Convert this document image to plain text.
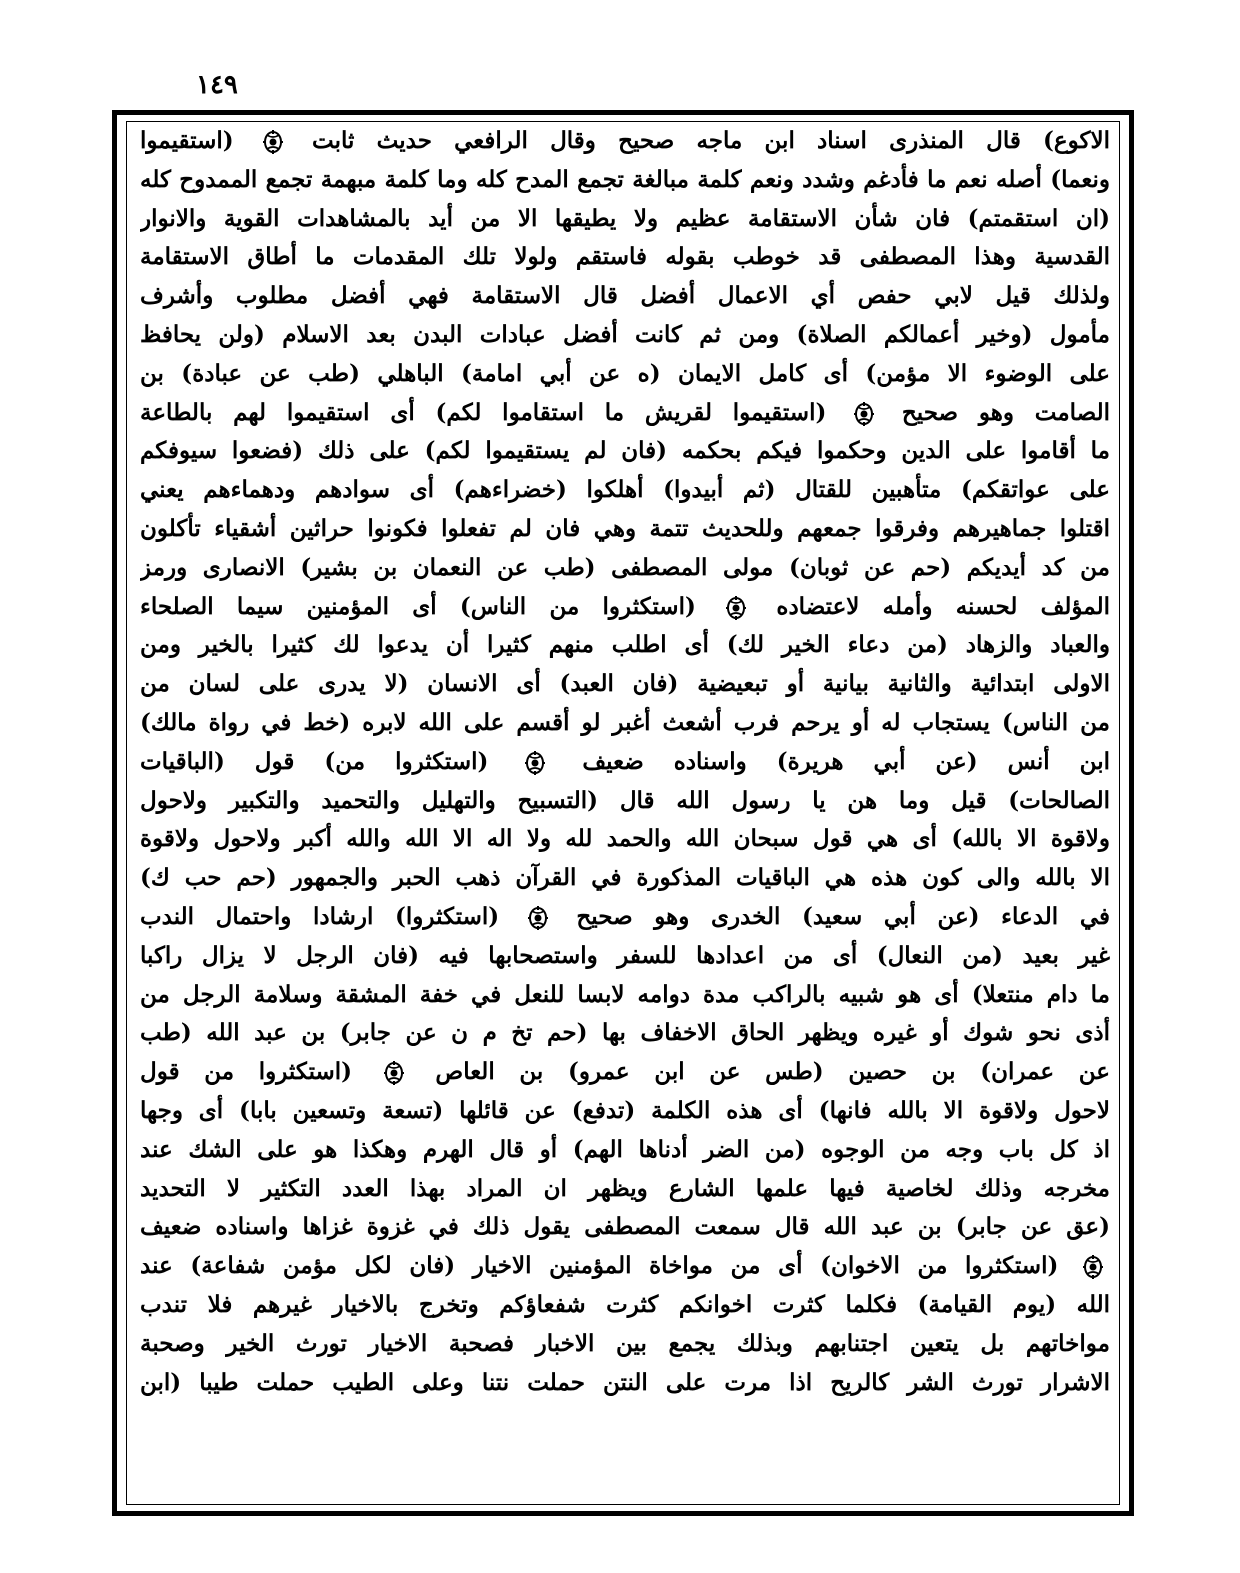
١٤٩
الاكوع) قال المنذرى اسناد ابن ماجه صحيح وقال الرافعي حديث ثابت  (استقيموا
ونعما) أصله نعم ما فأدغم وشدد ونعم كلمة مبالغة تجمع المدح كله وما كلمة مبهمة تجمع الممدوح كله
(ان استقمتم) فان شأن الاستقامة عظيم ولا يطيقها الا من أيد بالمشاهدات القوية والانوار
القدسية وهذا المصطفى قد خوطب بقوله فاستقم ولولا تلك المقدمات ما أطاق الاستقامة
ولذلك قيل لابي حفص أي الاعمال أفضل قال الاستقامة فهي أفضل مطلوب وأشرف
مأمول (وخير أعمالكم الصلاة) ومن ثم كانت أفضل عبادات البدن بعد الاسلام (ولن يحافظ
على الوضوء الا مؤمن) أى كامل الايمان (ه عن أبي امامة) الباهلي (طب عن عبادة) بن
الصامت وهو صحيح  (استقيموا لقريش ما استقاموا لكم) أى استقيموا لهم بالطاعة
ما أقاموا على الدين وحكموا فيكم بحكمه (فان لم يستقيموا لكم) على ذلك (فضعوا سيوفكم
على عواتقكم) متأهبين للقتال (ثم أبيدوا) أهلكوا (خضراءهم) أى سوادهم ودهماءهم يعني
اقتلوا جماهيرهم وفرقوا جمعهم وللحديث تتمة وهي فان لم تفعلوا فكونوا حراثين أشقياء تأكلون
من كد أيديكم (حم عن ثوبان) مولى المصطفى (طب عن النعمان بن بشير) الانصارى ورمز
المؤلف لحسنه وأمله لاعتضاده  (استكثروا من الناس) أى المؤمنين سيما الصلحاء
والعباد والزهاد (من دعاء الخير لك) أى اطلب منهم كثيرا أن يدعوا لك كثيرا بالخير ومن
الاولى ابتدائية والثانية بيانية أو تبعيضية (فان العبد) أى الانسان (لا يدرى على لسان من
من الناس) يستجاب له أو يرحم فرب أشعث أغبر لو أقسم على الله لابره (خط في رواة مالك)
ابن أنس (عن أبي هريرة) واسناده ضعيف  (استكثروا من) قول (الباقيات
الصالحات) قيل وما هن يا رسول الله قال (التسبيح والتهليل والتحميد والتكبير ولاحول
ولاقوة الا بالله) أى هي قول سبحان الله والحمد لله ولا اله الا الله والله أكبر ولاحول ولاقوة
الا بالله والى كون هذه هي الباقيات المذكورة في القرآن ذهب الحبر والجمهور (حم حب ك)
في الدعاء (عن أبي سعيد) الخدرى وهو صحيح  (استكثروا) ارشادا واحتمال الندب
غير بعيد (من النعال) أى من اعدادها للسفر واستصحابها فيه (فان الرجل لا يزال راكبا
ما دام منتعلا) أى هو شبيه بالراكب مدة دوامه لابسا للنعل في خفة المشقة وسلامة الرجل من
أذى نحو شوك أو غيره ويظهر الحاق الاخفاف بها (حم تخ م ن عن جابر) بن عبد الله (طب
عن عمران) بن حصين (طس عن ابن عمرو) بن العاص  (استكثروا من قول
لاحول ولاقوة الا بالله فانها) أى هذه الكلمة (تدفع) عن قائلها (تسعة وتسعين بابا) أى وجها
اذ كل باب وجه من الوجوه (من الضر أدناها الهم) أو قال الهرم وهكذا هو على الشك عند
مخرجه وذلك لخاصية فيها علمها الشارع ويظهر ان المراد بهذا العدد التكثير لا التحديد
(عق عن جابر) بن عبد الله قال سمعت المصطفى يقول ذلك في غزوة غزاها واسناده ضعيف
(استكثروا من الاخوان) أى من مواخاة المؤمنين الاخيار (فان لكل مؤمن شفاعة) عند
الله (يوم القيامة) فكلما كثرت اخوانكم كثرت شفعاؤكم وتخرج بالاخيار غيرهم فلا تندب
مواخاتهم بل يتعين اجتنابهم وبذلك يجمع بين الاخبار فصحبة الاخيار تورث الخير وصحبة
الاشرار تورث الشر كالريح اذا مرت على النتن حملت نتنا وعلى الطيب حملت طيبا (ابن
